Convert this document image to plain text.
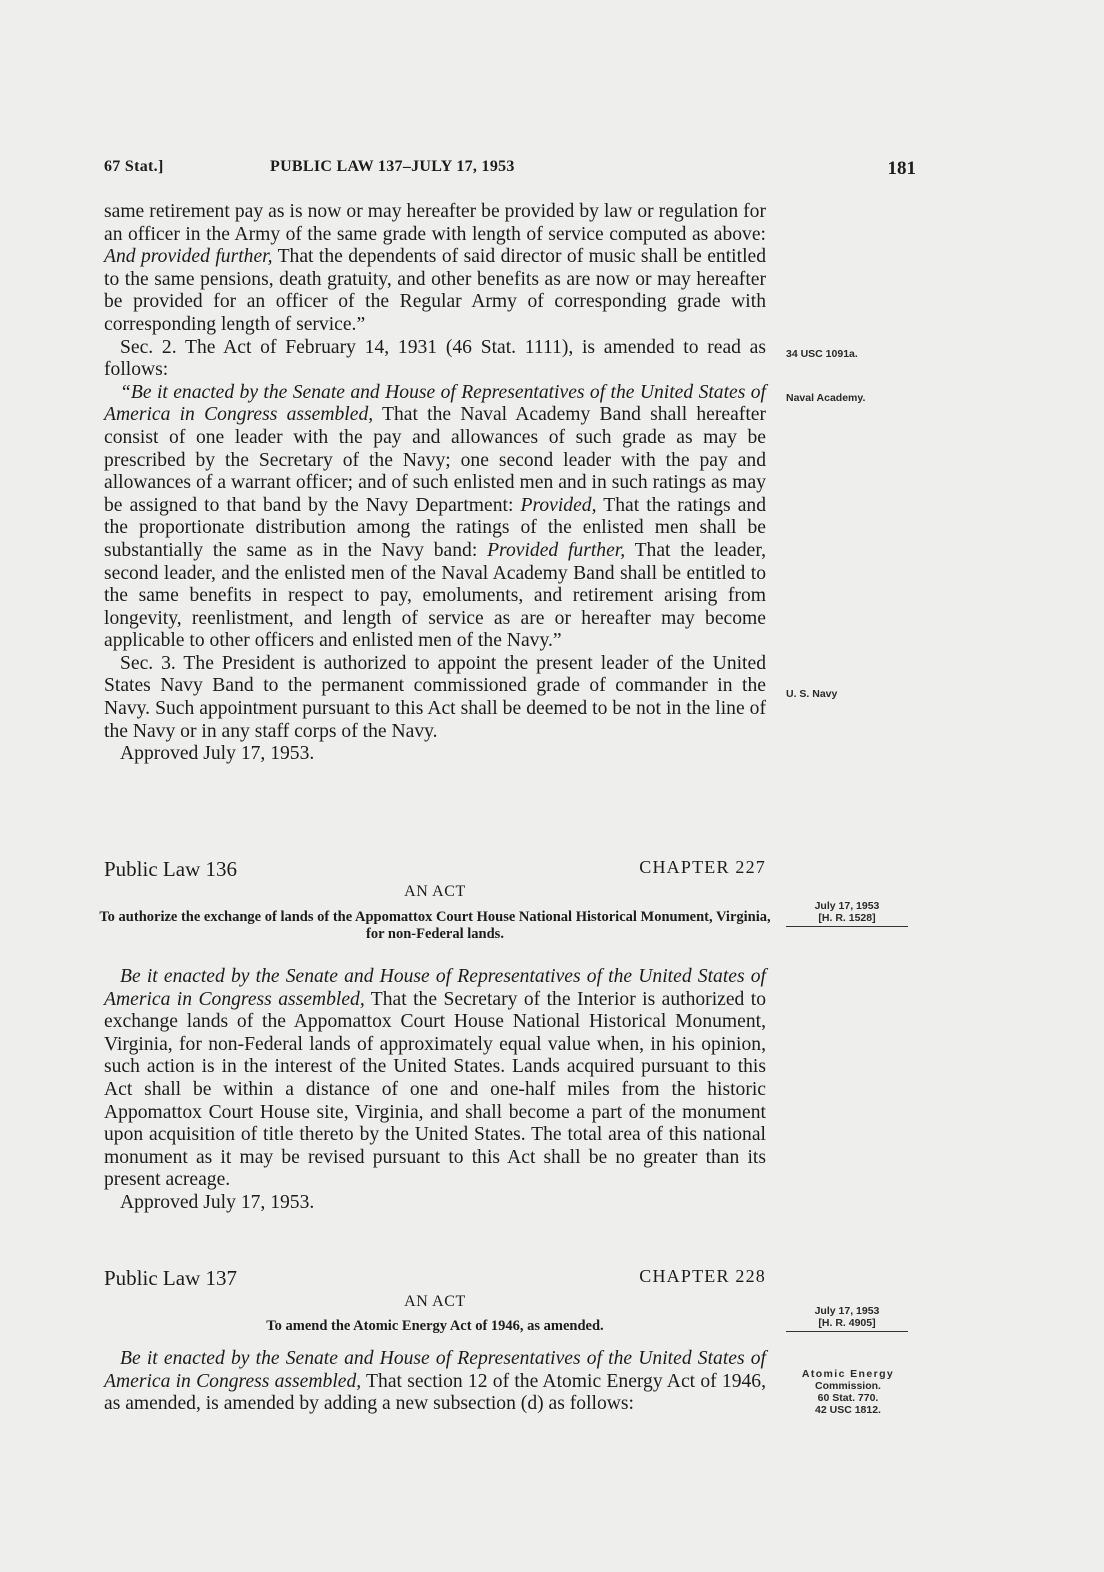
67 Stat.]	PUBLIC LAW 137–JULY 17, 1953	181

same retirement pay as is now or may hereafter be provided by law or regulation for an officer in the Army of the same grade with length of service computed as above: And provided further, That the dependents of said director of music shall be entitled to the same pensions, death gratuity, and other benefits as are now or may hereafter be provided for an officer of the Regular Army of corresponding grade with corresponding length of service.”

Sec. 2. The Act of February 14, 1931 (46 Stat. 1111), is amended to read as follows:

“Be it enacted by the Senate and House of Representatives of the United States of America in Congress assembled, That the Naval Academy Band shall hereafter consist of one leader with the pay and allowances of such grade as may be prescribed by the Secretary of the Navy; one second leader with the pay and allowances of a warrant officer; and of such enlisted men and in such ratings as may be assigned to that band by the Navy Department: Provided, That the ratings and the proportionate distribution among the ratings of the enlisted men shall be substantially the same as in the Navy band: Provided further, That the leader, second leader, and the enlisted men of the Naval Academy Band shall be entitled to the same benefits in respect to pay, emoluments, and retirement arising from longevity, reenlistment, and length of service as are or hereafter may become applicable to other officers and enlisted men of the Navy.”

Sec. 3. The President is authorized to appoint the present leader of the United States Navy Band to the permanent commissioned grade of commander in the Navy. Such appointment pursuant to this Act shall be deemed to be not in the line of the Navy or in any staff corps of the Navy.

Approved July 17, 1953.

34 USC 1091a.
Naval Academy.
U. S. Navy
Public Law 136	CHAPTER 227
AN ACT
To authorize the exchange of lands of the Appomattox Court House National Historical Monument, Virginia, for non-Federal lands.
July 17, 1953
[H. R. 1528]

Be it enacted by the Senate and House of Representatives of the United States of America in Congress assembled, That the Secretary of the Interior is authorized to exchange lands of the Appomattox Court House National Historical Monument, Virginia, for non-Federal lands of approximately equal value when, in his opinion, such action is in the interest of the United States. Lands acquired pursuant to this Act shall be within a distance of one and one-half miles from the historic Appomattox Court House site, Virginia, and shall become a part of the monument upon acquisition of title thereto by the United States. The total area of this national monument as it may be revised pursuant to this Act shall be no greater than its present acreage.

Approved July 17, 1953.

Public Law 137	CHAPTER 228
AN ACT
To amend the Atomic Energy Act of 1946, as amended.
July 17, 1953
[H. R. 4905]

Be it enacted by the Senate and House of Representatives of the United States of America in Congress assembled, That section 12 of the Atomic Energy Act of 1946, as amended, is amended by adding a new subsection (d) as follows:

Atomic Energy
Commission.
60 Stat. 770.
42 USC 1812.
